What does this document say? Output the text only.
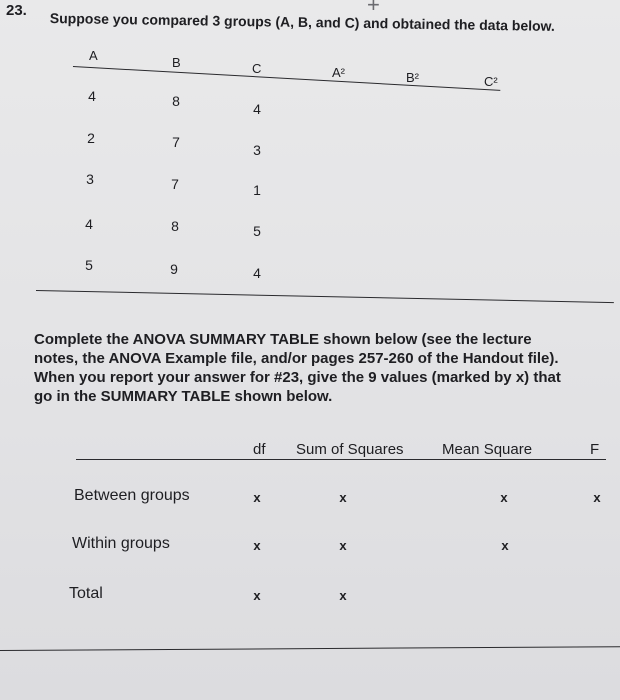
23. Suppose you compared 3 groups (A, B, and C) and obtained the data below.
+
A	B	C	A²	B²	C²
4	8	4
2	7	3
3	7	1
4	8	5
5	9	4

Complete the ANOVA SUMMARY TABLE shown below (see the lecture

notes, the ANOVA Example file, and/or pages 257-260 of the Handout file).

When you report your answer for #23, give the 9 values (marked by x) that

go in the SUMMARY TABLE shown below.

df Sum of Squares	Mean Square	F
Between groups	x	x	x	x
Within groups	x	x	x
Total	x	x
